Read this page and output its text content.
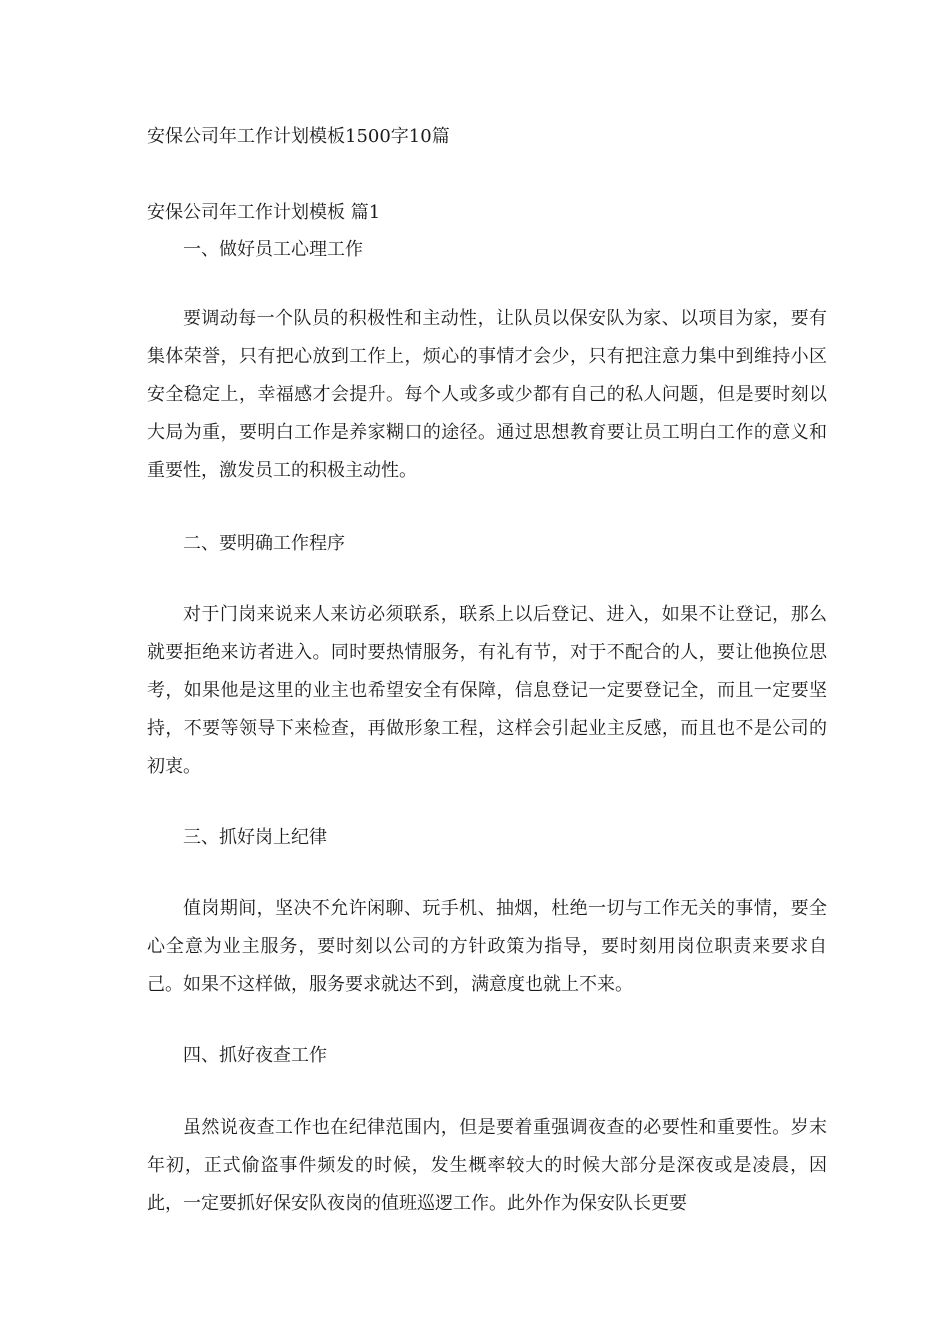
安保公司年工作计划模板1500字10篇
安保公司年工作计划模板 篇1
一、做好员工心理工作

要调动每一个队员的积极性和主动性，让队员以保安队为家、以项目为家，要有集体荣誉，只有把心放到工作上，烦心的事情才会少，只有把注意力集中到维持小区安全稳定上，幸福感才会提升。每个人或多或少都有自己的私人问题，但是要时刻以大局为重，要明白工作是养家糊口的途径。通过思想教育要让员工明白工作的意义和重要性，激发员工的积极主动性。

二、要明确工作程序

对于门岗来说来人来访必须联系，联系上以后登记、进入，如果不让登记，那么就要拒绝来访者进入。同时要热情服务，有礼有节，对于不配合的人，要让他换位思考，如果他是这里的业主也希望安全有保障，信息登记一定要登记全，而且一定要坚持，不要等领导下来检查，再做形象工程，这样会引起业主反感，而且也不是公司的初衷。

三、抓好岗上纪律

值岗期间，坚决不允许闲聊、玩手机、抽烟，杜绝一切与工作无关的事情，要全心全意为业主服务，要时刻以公司的方针政策为指导，要时刻用岗位职责来要求自己。如果不这样做，服务要求就达不到，满意度也就上不来。

四、抓好夜查工作

虽然说夜查工作也在纪律范围内，但是要着重强调夜查的必要性和重要性。岁末年初，正式偷盗事件频发的时候，发生概率较大的时候大部分是深夜或是凌晨，因此，一定要抓好保安队夜岗的值班巡逻工作。此外作为保安队长更要
